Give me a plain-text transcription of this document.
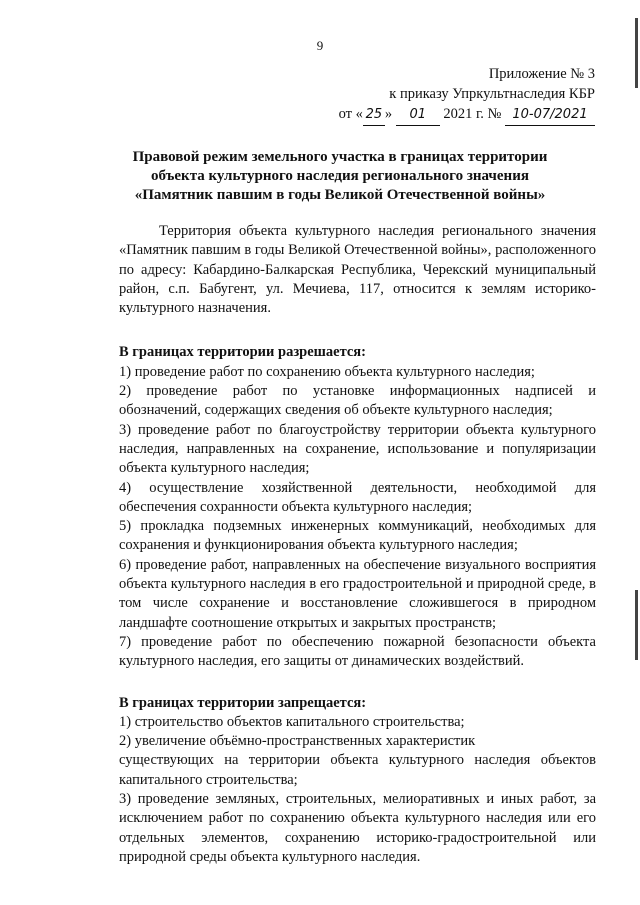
9
Приложение № 3
к приказу Упркультнаследия КБР
от « 25 » 01 2021 г. № 10-07/2021
Правовой режим земельного участка в границах территории
объекта культурного наследия регионального значения
«Памятник павшим в годы Великой Отечественной войны»

Территория объекта культурного наследия регионального значения «Памятник павшим в годы Великой Отечественной войны», расположенного по адресу: Кабардино-Балкарская Республика, Черекский муниципальный район, с.п. Бабугент, ул. Мечиева, 117, относится к землям историко-культурного назначения.

В границах территории разрешается:

1) проведение работ по сохранению объекта культурного наследия;

2) проведение работ по установке информационных надписей и обозначений, содержащих сведения об объекте культурного наследия;

3) проведение работ по благоустройству территории объекта культурного наследия, направленных на сохранение, использование и популяризации объекта культурного наследия;

4) осуществление хозяйственной деятельности, необходимой для обеспечения сохранности объекта культурного наследия;

5) прокладка подземных инженерных коммуникаций, необходимых для сохранения и функционирования объекта культурного наследия;

6) проведение работ, направленных на обеспечение визуального восприятия объекта культурного наследия в его градостроительной и природной среде, в том числе сохранение и восстановление сложившегося в природном ландшафте соотношение открытых и закрытых пространств;

7) проведение работ по обеспечению пожарной безопасности объекта культурного наследия, его защиты от динамических воздействий.

В границах территории запрещается:

1) строительство объектов капитального строительства;

2) увеличение объёмно-пространственных характеристик

существующих на территории объекта культурного наследия объектов капитального строительства;

3) проведение земляных, строительных, мелиоративных и иных работ, за исключением работ по сохранению объекта культурного наследия или его отдельных элементов, сохранению историко-градостроительной или природной среды объекта культурного наследия.
